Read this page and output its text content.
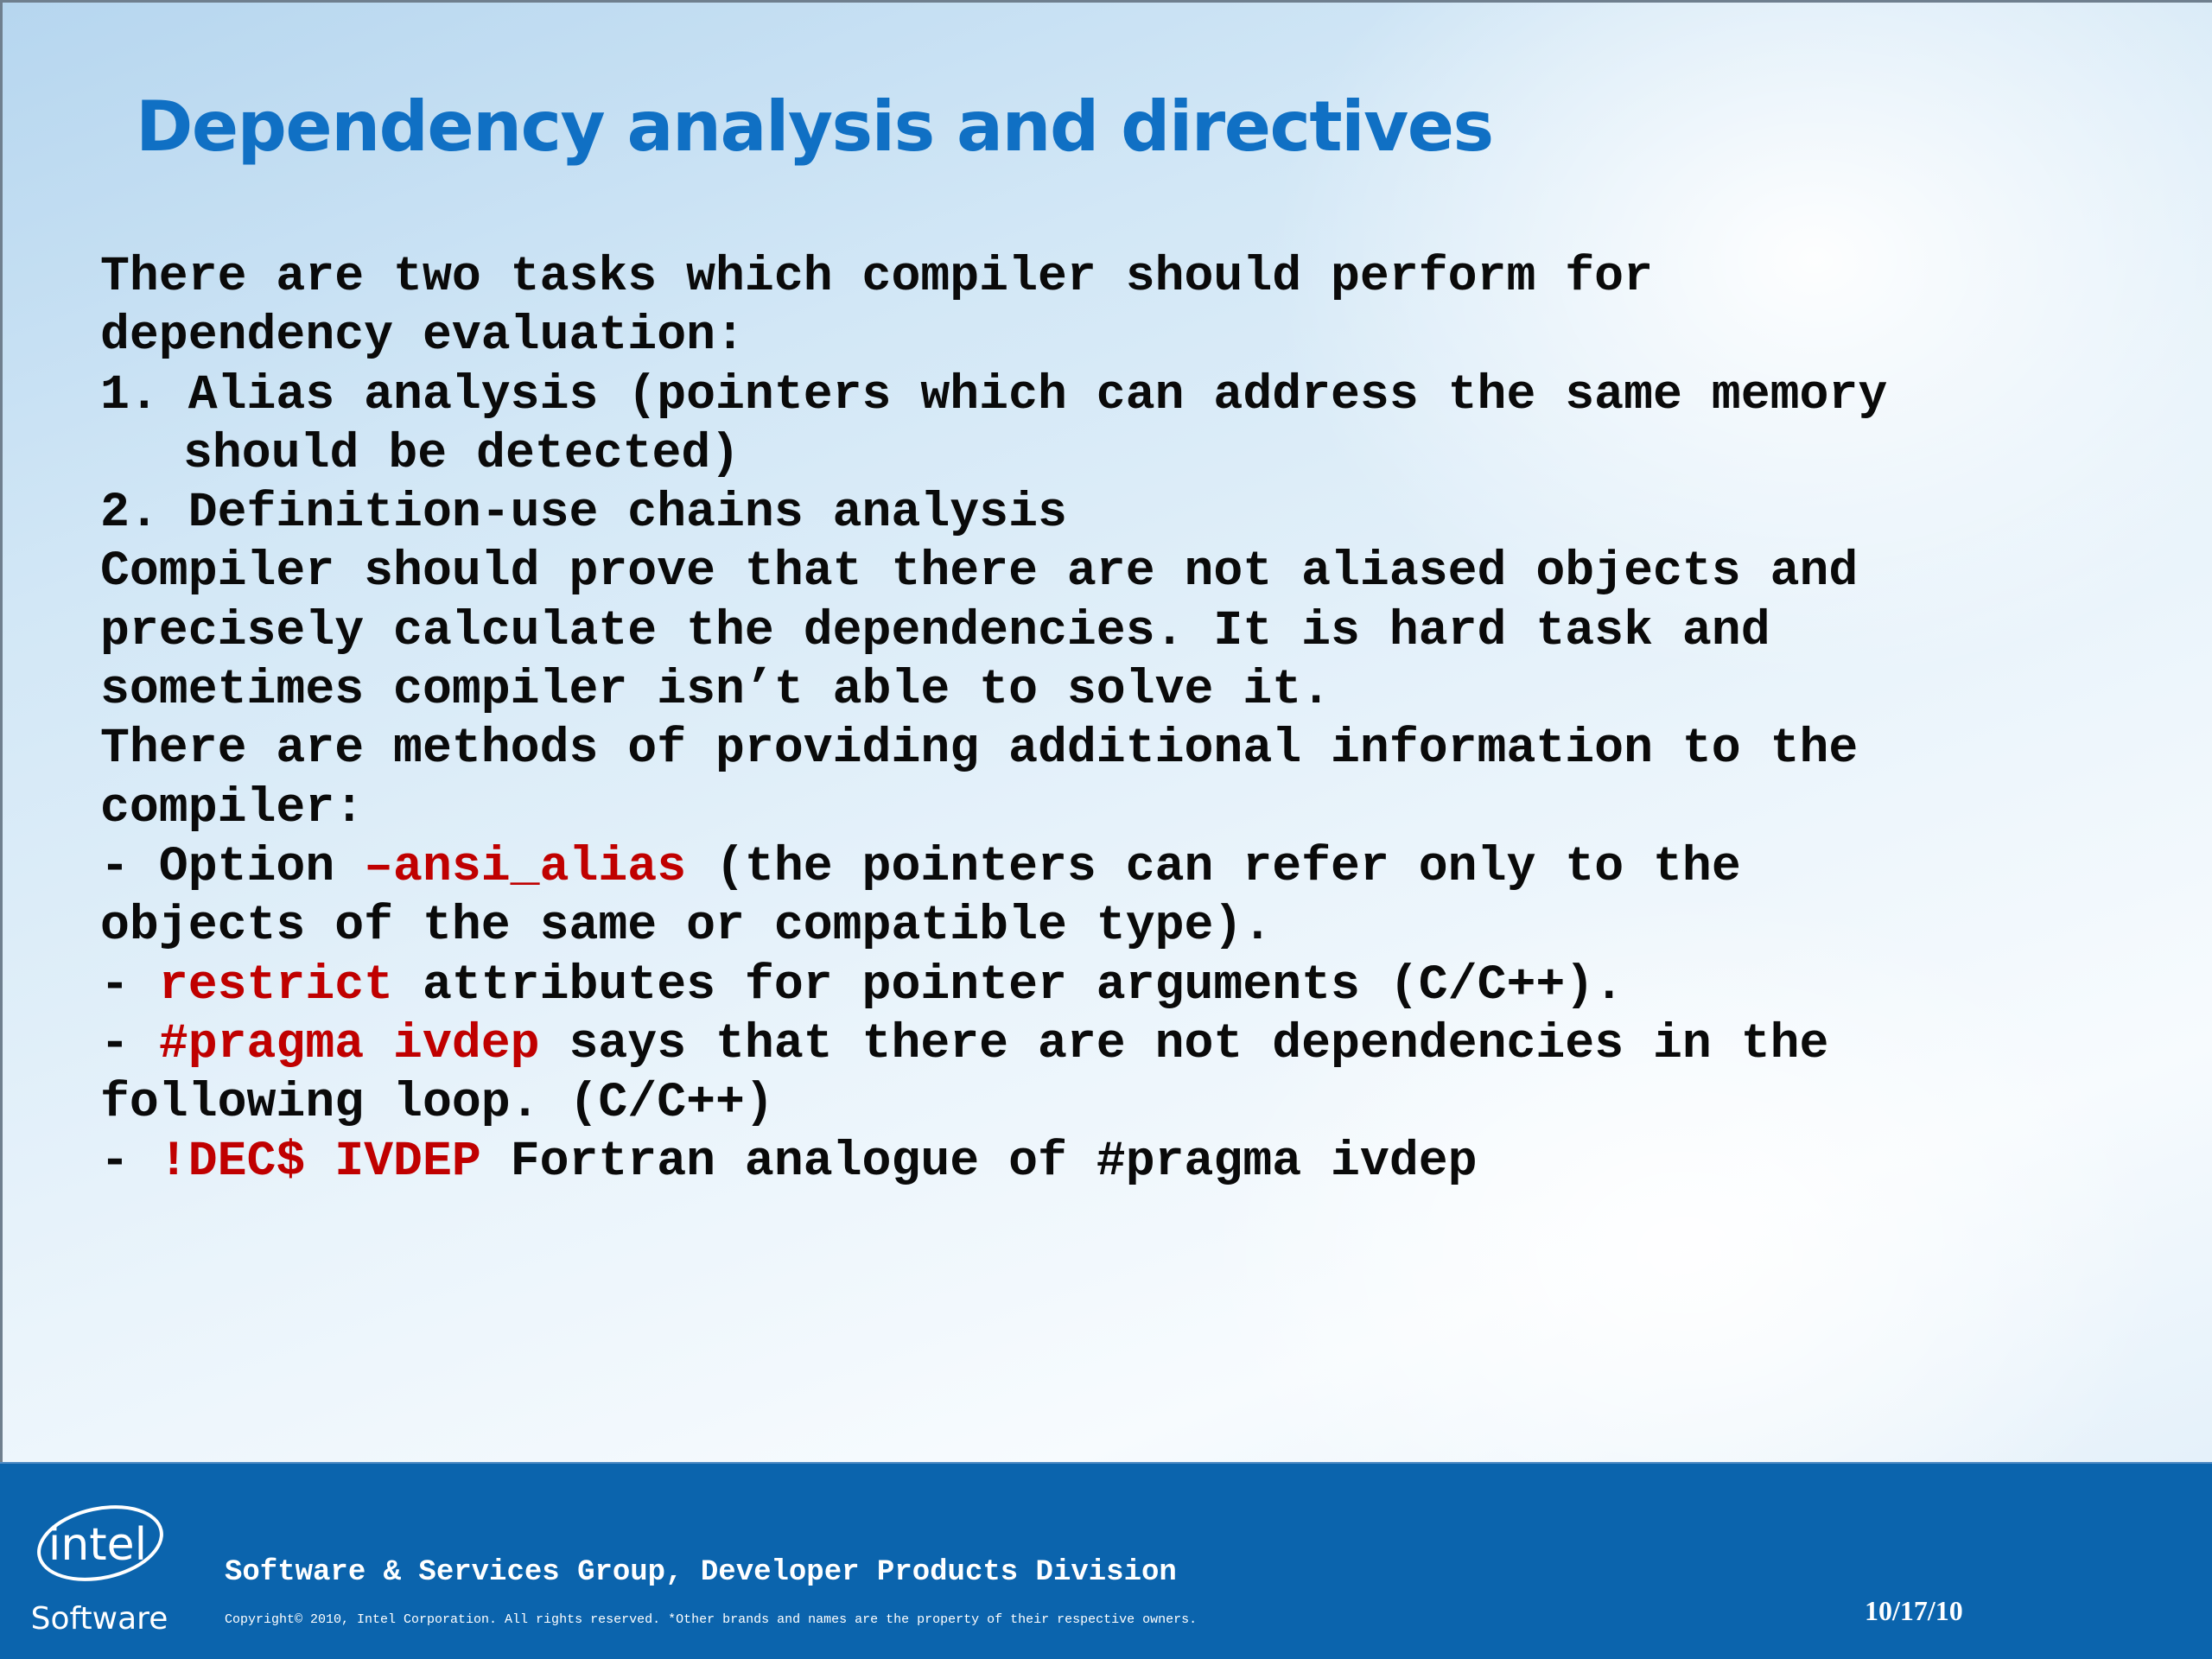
Dependency analysis and directives
There are two tasks which compiler should perform for
dependency evaluation:
1. Alias analysis (pointers which can address the same memory
should be detected)
2. Definition-use chains analysis
Compiler should prove that there are not aliased objects and
precisely calculate the dependencies. It is hard task and
sometimes compiler isn’t able to solve it.
There are methods of providing additional information to the
compiler:
- Option –ansi_alias (the pointers can refer only to the
objects of the same or compatible type).
- restrict attributes for pointer arguments (C/C++).
- #pragma ivdep says that there are not dependencies in the
following loop. (C/C++)
- !DEC$ IVDEP Fortran analogue of #pragma ivdep
intel
Software
Software & Services Group, Developer Products Division
Copyright© 2010, Intel Corporation. All rights reserved. *Other brands and names are the property of their respective owners.	10/17/10
